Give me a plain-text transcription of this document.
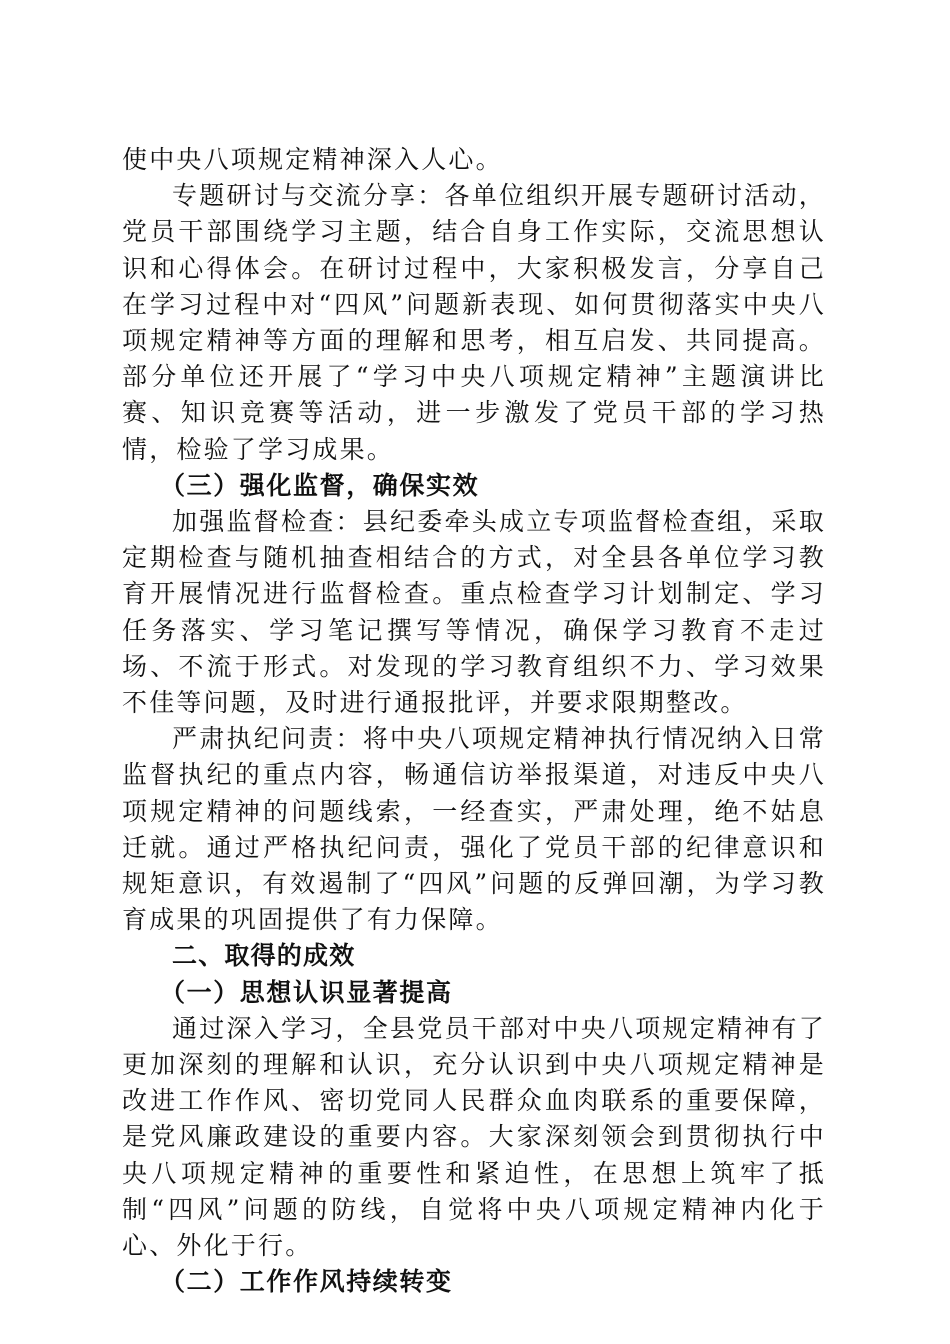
使中央八项规定精神深入人心。

专题研讨与交流分享：各单位组织开展专题研讨活动，党员干部围绕学习主题，结合自身工作实际，交流思想认识和心得体会。在研讨过程中，大家积极发言，分享自己在学习过程中对“四风”问题新表现、如何贯彻落实中央八项规定精神等方面的理解和思考，相互启发、共同提高。部分单位还开展了“学习中央八项规定精神”主题演讲比赛、知识竞赛等活动，进一步激发了党员干部的学习热情，检验了学习成果。

（三）强化监督，确保实效

加强监督检查：县纪委牵头成立专项监督检查组，采取定期检查与随机抽查相结合的方式，对全县各单位学习教育开展情况进行监督检查。重点检查学习计划制定、学习任务落实、学习笔记撰写等情况，确保学习教育不走过场、不流于形式。对发现的学习教育组织不力、学习效果不佳等问题，及时进行通报批评，并要求限期整改。

严肃执纪问责：将中央八项规定精神执行情况纳入日常监督执纪的重点内容，畅通信访举报渠道，对违反中央八项规定精神的问题线索，一经查实，严肃处理，绝不姑息迁就。通过严格执纪问责，强化了党员干部的纪律意识和规矩意识，有效遏制了“四风”问题的反弹回潮，为学习教育成果的巩固提供了有力保障。

二、取得的成效

（一）思想认识显著提高

通过深入学习，全县党员干部对中央八项规定精神有了更加深刻的理解和认识，充分认识到中央八项规定精神是改进工作作风、密切党同人民群众血肉联系的重要保障，是党风廉政建设的重要内容。大家深刻领会到贯彻执行中央八项规定精神的重要性和紧迫性，在思想上筑牢了抵制“四风”问题的防线，自觉将中央八项规定精神内化于心、外化于行。

（二）工作作风持续转变
